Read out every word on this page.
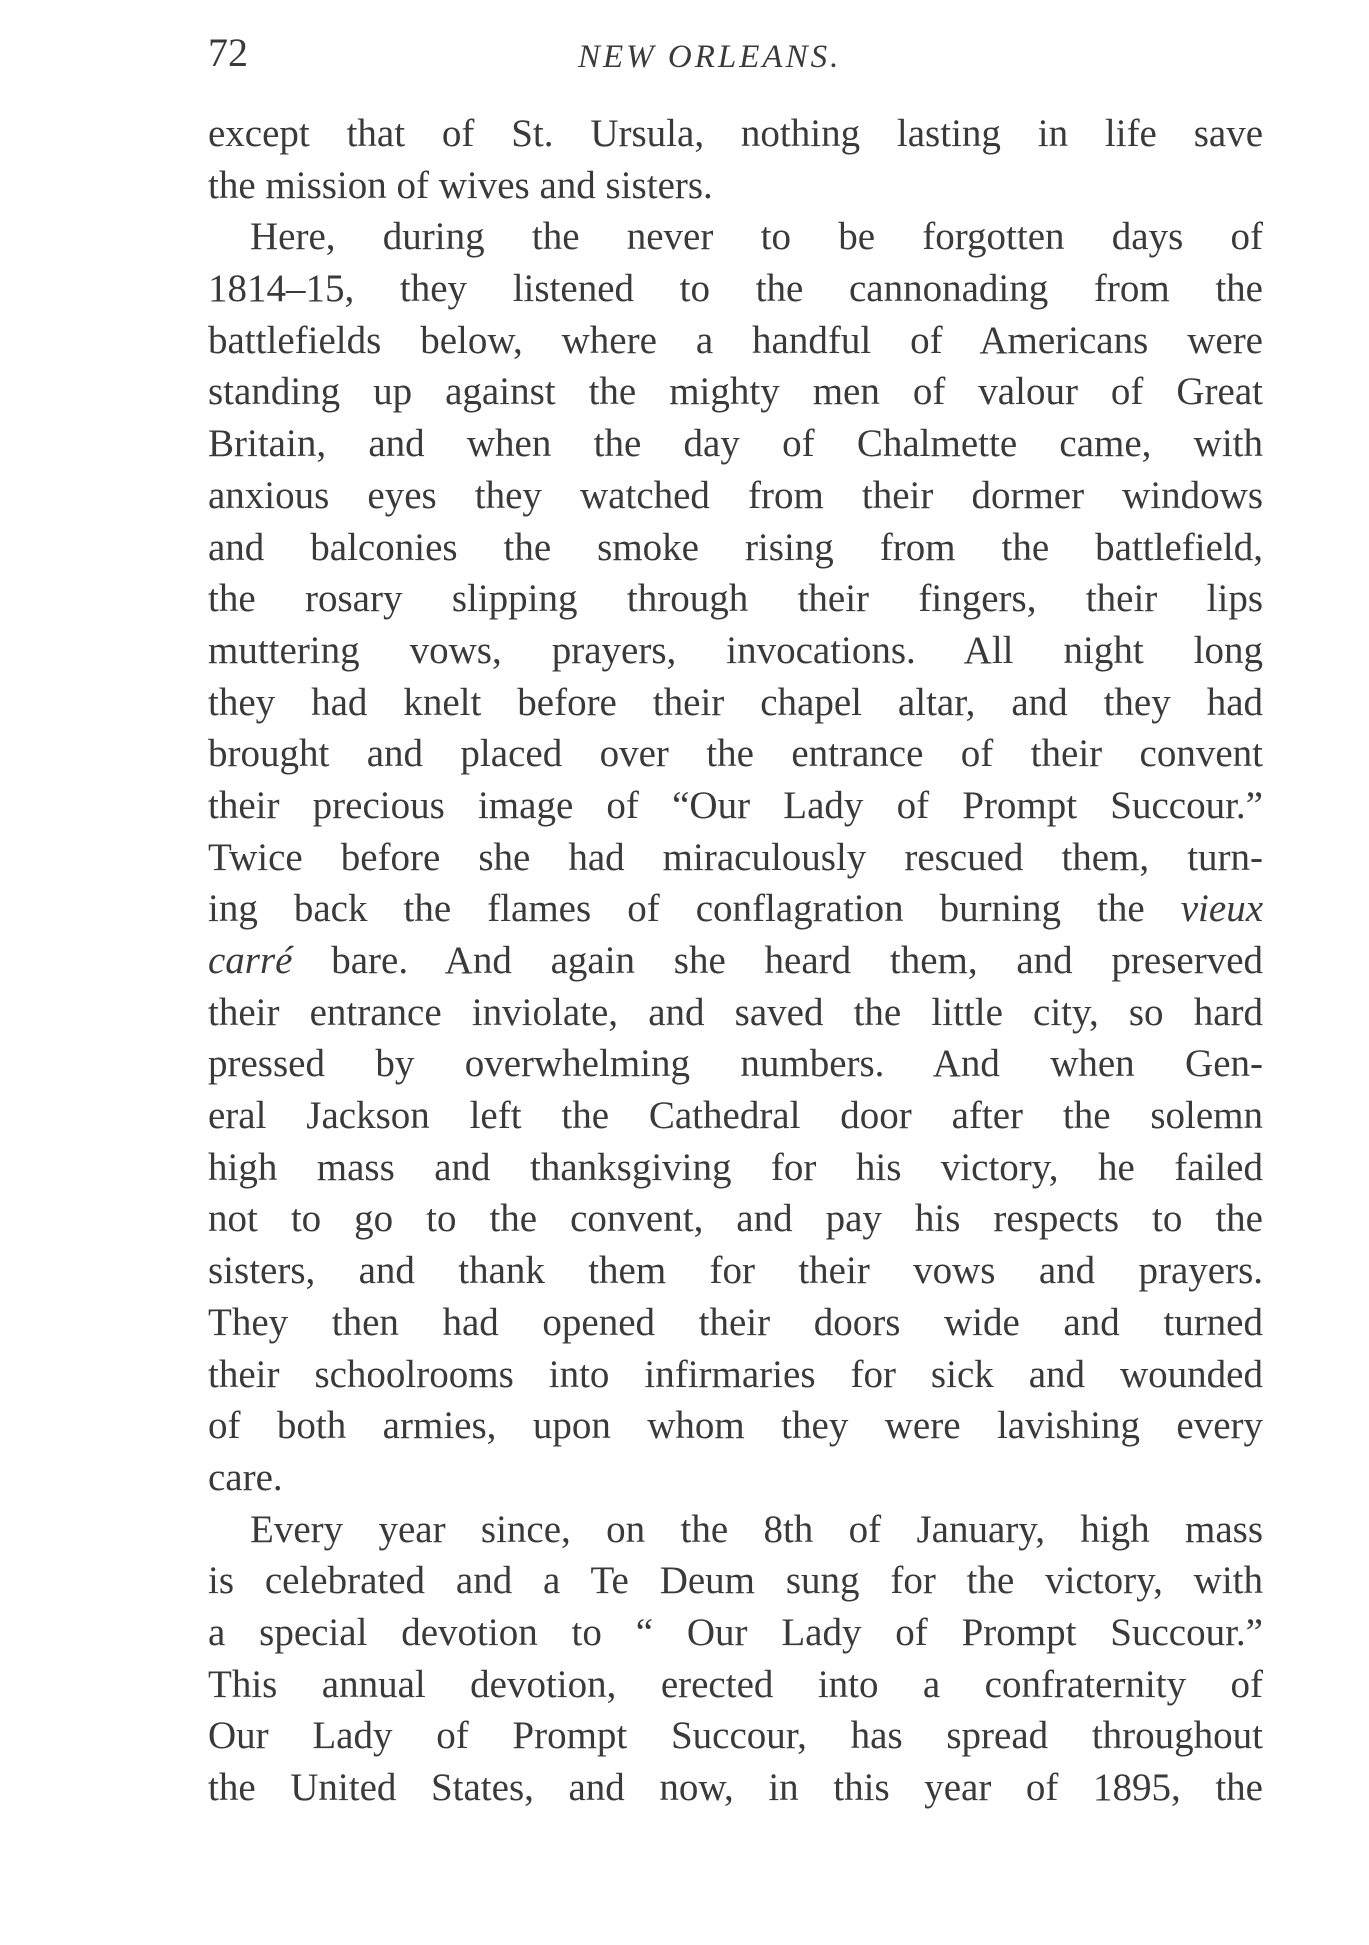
72	NEW ORLEANS.
except that of St. Ursula, nothing lasting in life save
the mission of wives and sisters.
Here, during the never to be forgotten days of
1814–15, they listened to the cannonading from the
battlefields below, where a handful of Americans were
standing up against the mighty men of valour of Great
Britain, and when the day of Chalmette came, with
anxious eyes they watched from their dormer windows
and balconies the smoke rising from the battlefield,
the rosary slipping through their fingers, their lips
muttering vows, prayers, invocations. All night long
they had knelt before their chapel altar, and they had
brought and placed over the entrance of their convent
their precious image of “Our Lady of Prompt Succour.”
Twice before she had miraculously rescued them, turn-
ing back the flames of conflagration burning the vieux
carré bare. And again she heard them, and preserved
their entrance inviolate, and saved the little city, so hard
pressed by overwhelming numbers. And when Gen-
eral Jackson left the Cathedral door after the solemn
high mass and thanksgiving for his victory, he failed
not to go to the convent, and pay his respects to the
sisters, and thank them for their vows and prayers.
They then had opened their doors wide and turned
their schoolrooms into infirmaries for sick and wounded
of both armies, upon whom they were lavishing every
care.
Every year since, on the 8th of January, high mass
is celebrated and a Te Deum sung for the victory, with
a special devotion to “ Our Lady of Prompt Succour.”
This annual devotion, erected into a confraternity of
Our Lady of Prompt Succour, has spread throughout
the United States, and now, in this year of 1895, the
